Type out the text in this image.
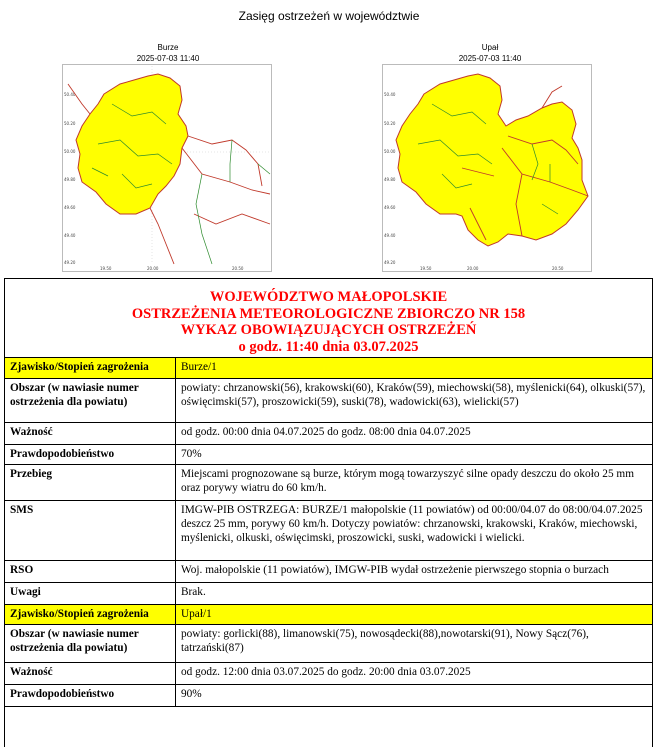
Zasięg ostrzeżeń w województwie
Burze
2025-07-03 11:40
50.40
50.20
50.00
49.80
49.60
49.40
49.20
19.50	20.00	20.50
Upał
2025-07-03 11:40
50.40
50.20
50.00
49.80
49.60
49.40
49.20
19.50	20.00	20.50
WOJEWÓDZTWO MAŁOPOLSKIE
OSTRZEŻENIA METEOROLOGICZNE ZBIORCZO NR 158
WYKAZ OBOWIĄZUJĄCYCH OSTRZEŻEŃ
o godz. 11:40 dnia 03.07.2025
Zjawisko/Stopień zagrożenia	Burze/1
Obszar (w nawiasie numer ostrzeżenia dla powiatu)	powiaty: chrzanowski(56), krakowski(60), Kraków(59), miechowski(58), myślenicki(64), olkuski(57), oświęcimski(57), proszowicki(59), suski(78), wadowicki(63), wielicki(57)
Ważność	od godz. 00:00 dnia 04.07.2025 do godz. 08:00 dnia 04.07.2025
Prawdopodobieństwo	70%
Przebieg	Miejscami prognozowane są burze, którym mogą towarzyszyć silne opady deszczu do około 25 mm oraz porywy wiatru do 60 km/h.
SMS	IMGW-PIB OSTRZEGA: BURZE/1 małopolskie (11 powiatów) od 00:00/04.07 do 08:00/04.07.2025 deszcz 25 mm, porywy 60 km/h. Dotyczy powiatów: chrzanowski, krakowski, Kraków, miechowski, myślenicki, olkuski, oświęcimski, proszowicki, suski, wadowicki i wielicki.
RSO	Woj. małopolskie (11 powiatów), IMGW-PIB wydał ostrzeżenie pierwszego stopnia o burzach
Uwagi	Brak.
Zjawisko/Stopień zagrożenia	Upał/1
Obszar (w nawiasie numer ostrzeżenia dla powiatu)	powiaty: gorlicki(88), limanowski(75), nowosądecki(88),nowotarski(91), Nowy Sącz(76), tatrzański(87)
Ważność	od godz. 12:00 dnia 03.07.2025 do godz. 20:00 dnia 03.07.2025
Prawdopodobieństwo	90%
